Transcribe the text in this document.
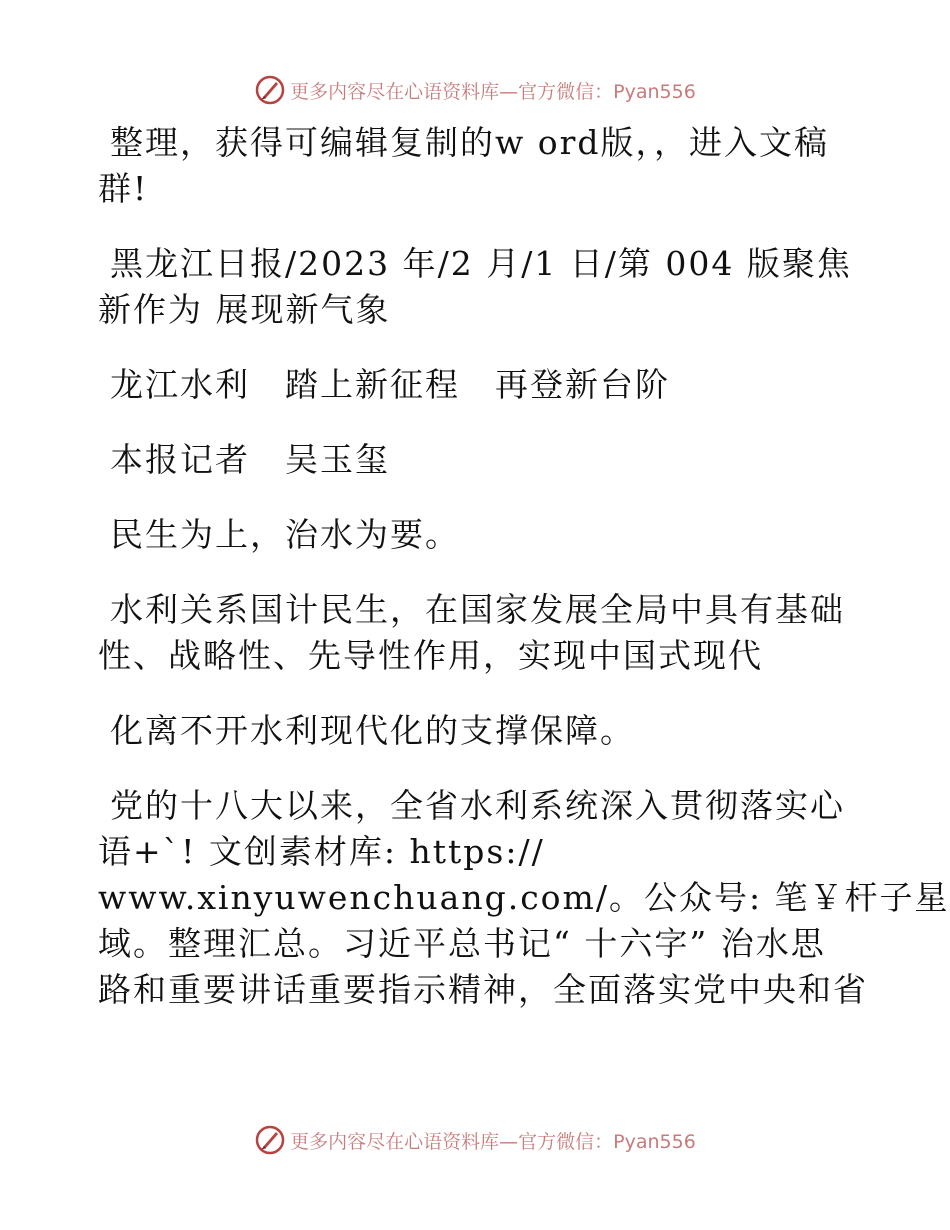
更多内容尽在心语资料库—官方微信：Pyan556
整理，获得可编辑复制的w ord版，，进入文稿
群!
黑龙江日报/2023 年/2 月/1 日/第 004 版聚焦
新作为 展现新气象
龙江水利　踏上新征程　再登新台阶
本报记者　吴玉玺
民生为上，治水为要。
水利关系国计民生，在国家发展全局中具有基础
性、战略性、先导性作用，实现中国式现代
化离不开水利现代化的支撑保障。
党的十八大以来，全省水利系统深入贯彻落实心
语+`! 文创素材库: https://
www.xinyuwenchuang.com/。公众号: 笔￥杆子星
域。整理汇总。习近平总书记“ 十六字” 治水思
路和重要讲话重要指示精神，全面落实党中央和省
更多内容尽在心语资料库—官方微信：Pyan556
